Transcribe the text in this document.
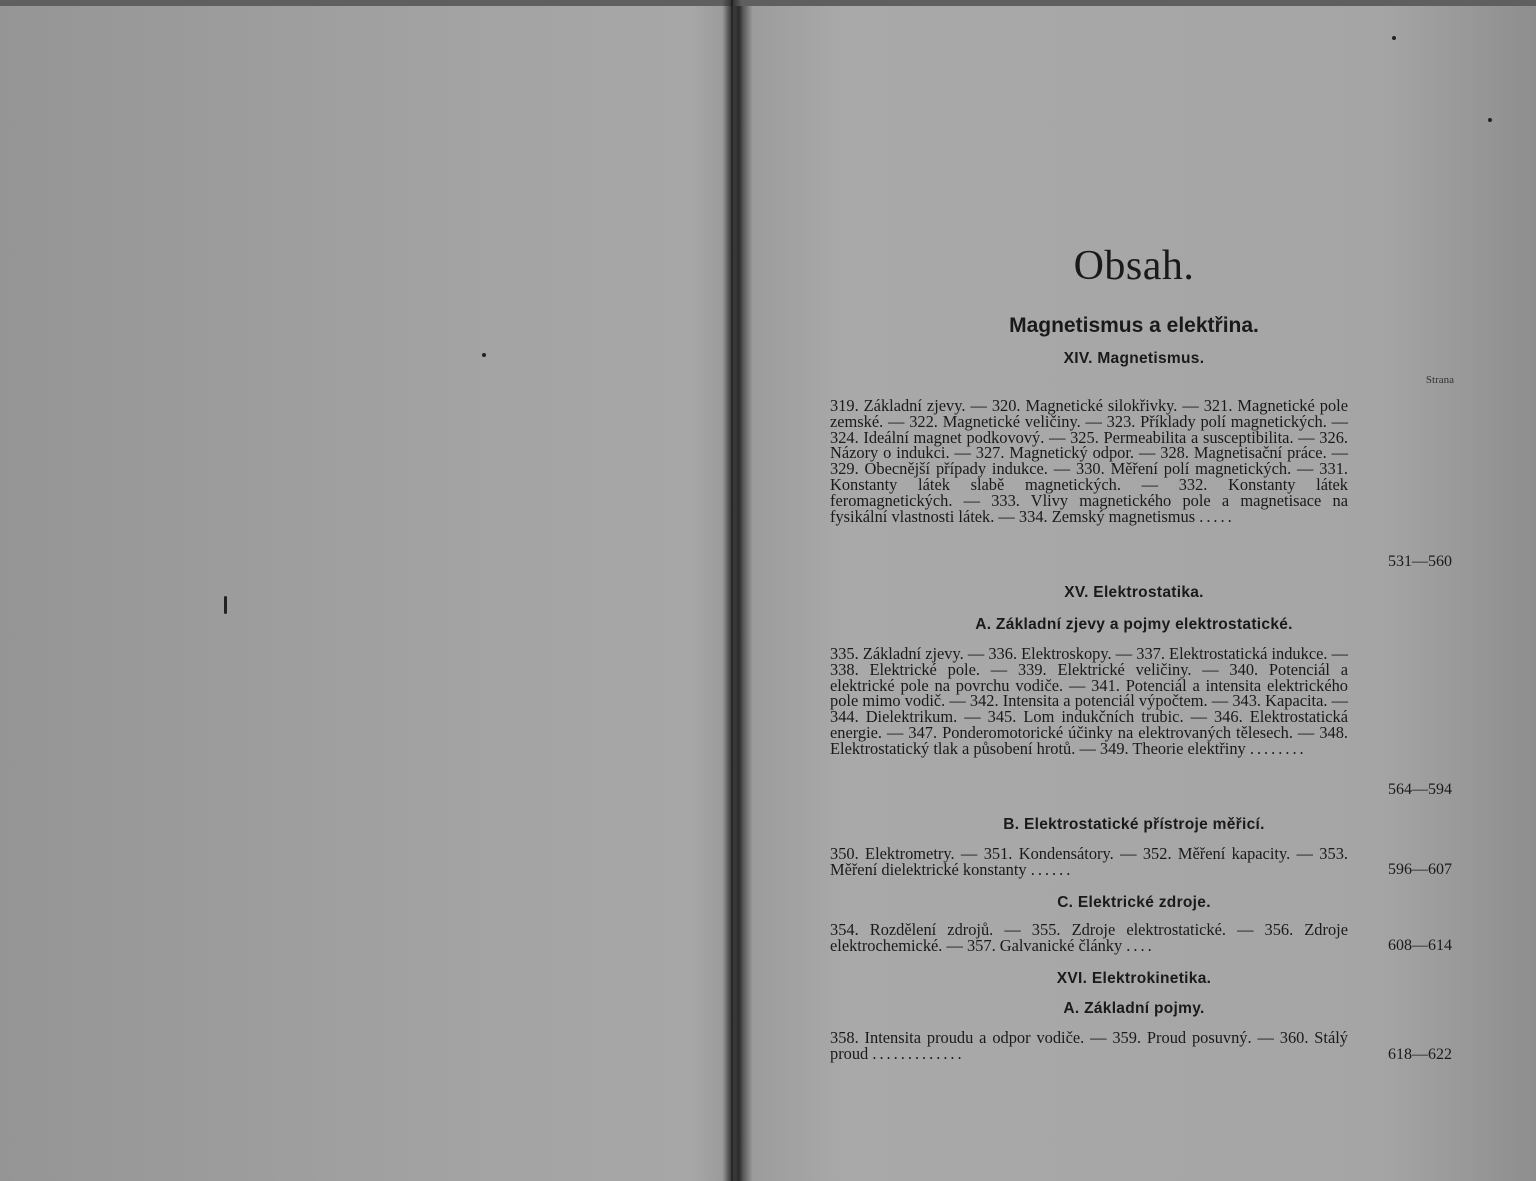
Obsah.
Magnetismus a elektřina.
XIV. Magnetismus.
Strana
319. Základní zjevy. — 320. Magnetické silokřivky. — 321. Magnetické pole zemské. — 322. Magnetické veličiny. — 323. Příklady polí magnetických. — 324. Ideální magnet podkovový. — 325. Permeabilita a susceptibilita. — 326. Názory o indukci. — 327. Magnetický odpor. — 328. Magnetisační práce. — 329. Obecnější případy indukce. — 330. Měření polí magnetických. — 331. Konstanty látek slabě magnetických. — 332. Konstanty látek feromagnetických. — 333. Vlivy magnetického pole a magnetisace na fysikální vlastnosti látek. — 334. Zemský magnetismus .....
531—560
XV. Elektrostatika.
A. Základní zjevy a pojmy elektrostatické.
335. Základní zjevy. — 336. Elektroskopy. — 337. Elektrostatická indukce. — 338. Elektrické pole. — 339. Elektrické veličiny. — 340. Potenciál a elektrické pole na povrchu vodiče. — 341. Potenciál a intensita elektrického pole mimo vodič. — 342. Intensita a potenciál výpočtem. — 343. Kapacita. — 344. Dielektrikum. — 345. Lom indukčních trubic. — 346. Elektrostatická energie. — 347. Ponderomotorické účinky na elektrovaných tělesech. — 348. Elektrostatický tlak a působení hrotů. — 349. Theorie elektřiny ........
564—594
B. Elektrostatické přístroje měřicí.
350. Elektrometry. — 351. Kondensátory. — 352. Měření kapacity. — 353. Měření dielektrické konstanty ......	596—607
C. Elektrické zdroje.
354. Rozdělení zdrojů. — 355. Zdroje elektrostatické. — 356. Zdroje elektrochemické. — 357. Galvanické články ....	608—614
XVI. Elektrokinetika.
A. Základní pojmy.
358. Intensita proudu a odpor vodiče. — 359. Proud posuvný. — 360. Stálý proud .............	618—622
